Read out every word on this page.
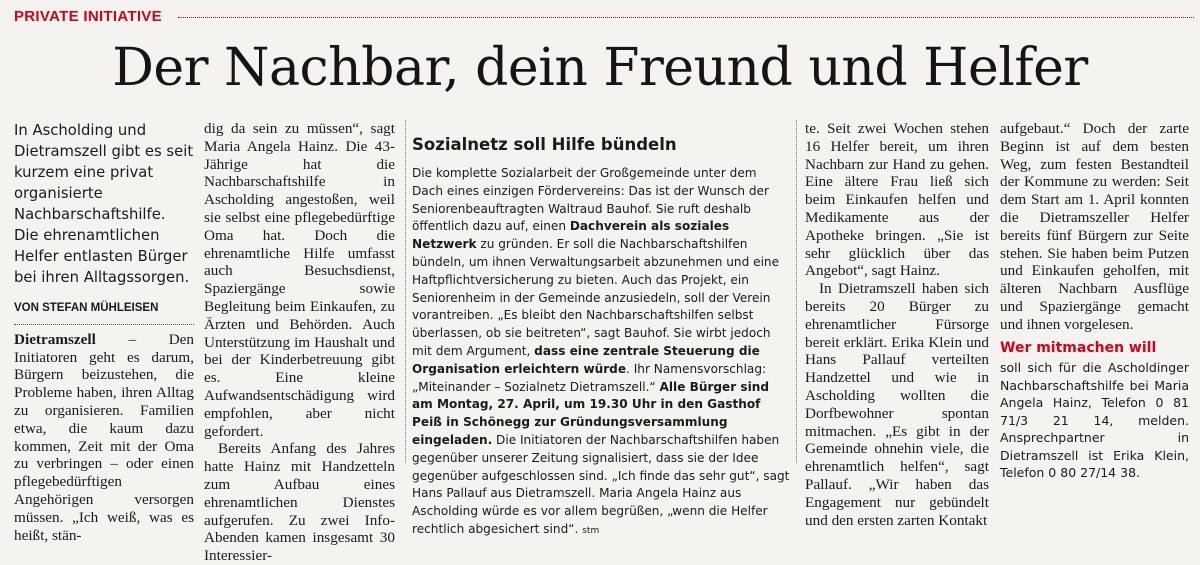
PRIVATE INITIATIVE
Der Nachbar, dein Freund und Helfer

In Ascholding und Dietramszell gibt es seit kurzem eine privat organisierte Nachbarschaftshilfe. Die ehrenamtlichen Helfer entlasten Bürger bei ihren Alltagssorgen.

VON STEFAN MÜHLEISEN

Dietramszell – Den Initiatoren geht es darum, Bürgern beizustehen, die Probleme haben, ihren Alltag zu organisieren. Familien etwa, die kaum dazu kommen, Zeit mit der Oma zu verbringen – oder einen pflegebedürftigen Angehörigen versorgen müssen. „Ich weiß, was es heißt, stän-

dig da sein zu müssen“, sagt Maria Angela Hainz. Die 43-Jährige hat die Nachbarschaftshilfe in Ascholding angestoßen, weil sie selbst eine pflegebedürftige Oma hat. Doch die ehrenamtliche Hilfe umfasst auch Besuchsdienst, Spaziergänge sowie Begleitung beim Einkaufen, zu Ärzten und Behörden. Auch Unterstützung im Haushalt und bei der Kinderbetreuung gibt es. Eine kleine Aufwandsentschädigung wird empfohlen, aber nicht gefordert.

Bereits Anfang des Jahres hatte Hainz mit Handzetteln zum Aufbau eines ehrenamtlichen Dienstes aufgerufen. Zu zwei Info-Abenden kamen insgesamt 30 Interessier-

Sozialnetz soll Hilfe bündeln

Die komplette Sozialarbeit der Großgemeinde unter dem Dach eines einzigen Fördervereins: Das ist der Wunsch der Seniorenbeauftragten Waltraud Bauhof. Sie ruft deshalb öffentlich dazu auf, einen Dachverein als soziales Netzwerk zu gründen. Er soll die Nachbarschaftshilfen bündeln, um ihnen Verwaltungsarbeit abzunehmen und eine Haftpflichtversicherung zu bieten. Auch das Projekt, ein Seniorenheim in der Gemeinde anzusiedeln, soll der Verein vorantreiben. „Es bleibt den Nachbarschaftshilfen selbst überlassen, ob sie beitreten“, sagt Bauhof. Sie wirbt jedoch mit dem Argument, dass eine zentrale Steuerung die Organisation erleichtern würde. Ihr Namensvorschlag: „Miteinander – Sozialnetz Dietramszell.“ Alle Bürger sind am Montag, 27. April, um 19.30 Uhr in den Gasthof Peiß in Schönegg zur Gründungsversammlung eingeladen. Die Initiatoren der Nachbarschaftshilfen haben gegenüber unserer Zeitung signalisiert, dass sie der Idee gegenüber aufgeschlossen sind. „Ich finde das sehr gut“, sagt Hans Pallauf aus Dietramszell. Maria Angela Hainz aus Ascholding würde es vor allem begrüßen, „wenn die Helfer rechtlich abgesichert sind“. stm

te. Seit zwei Wochen stehen 16 Helfer bereit, um ihren Nachbarn zur Hand zu gehen. Eine ältere Frau ließ sich beim Einkaufen helfen und Medikamente aus der Apotheke bringen. „Sie ist sehr glücklich über das Angebot“, sagt Hainz.

In Dietramszell haben sich bereits 20 Bürger zu ehrenamtlicher Fürsorge bereit erklärt. Erika Klein und Hans Pallauf verteilten Handzettel und wie in Ascholding wollten die Dorfbewohner spontan mitmachen. „Es gibt in der Gemeinde ohnehin viele, die ehrenamtlich helfen“, sagt Pallauf. „Wir haben das Engagement nur gebündelt und den ersten zarten Kontakt

aufgebaut.“ Doch der zarte Beginn ist auf dem besten Weg, zum festen Bestandteil der Kommune zu werden: Seit dem Start am 1. April konnten die Dietramszeller Helfer bereits fünf Bürgern zur Seite stehen. Sie haben beim Putzen und Einkaufen geholfen, mit älteren Nachbarn Ausflüge und Spaziergänge gemacht und ihnen vorgelesen.

Wer mitmachen will

soll sich für die Ascholdinger Nachbarschaftshilfe bei Maria Angela Hainz, Telefon 0 81 71/3 21 14, melden. Ansprechpartner in Dietramszell ist Erika Klein, Telefon 0 80 27/14 38.
